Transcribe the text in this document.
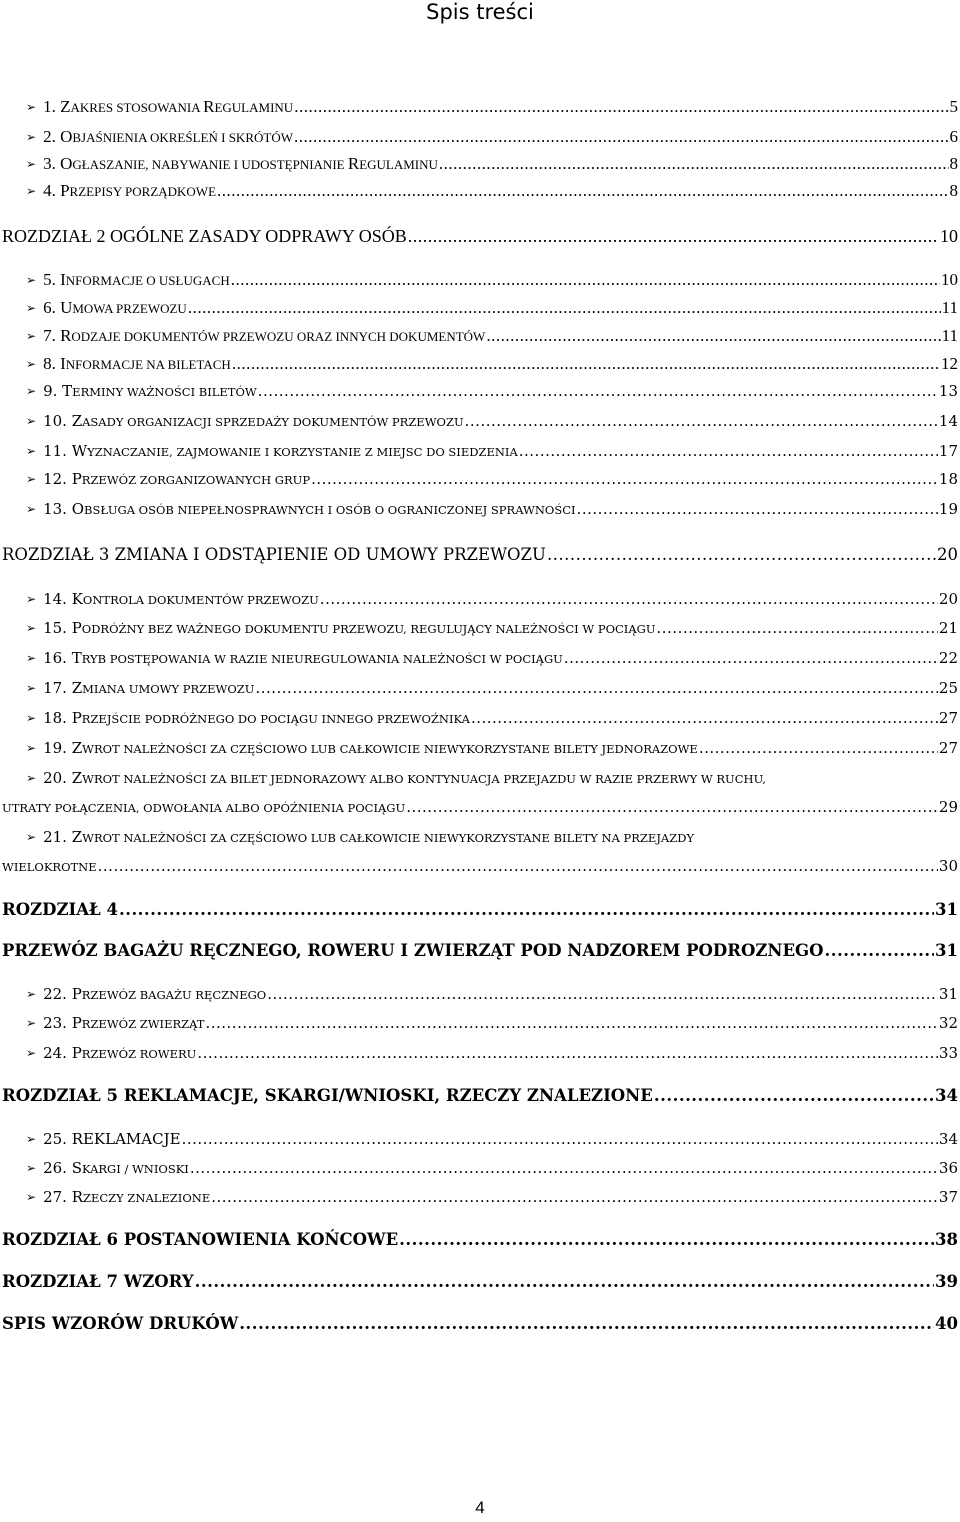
Spis treści
➢ 1. ZAKRES STOSOWANIA REGULAMINU .....	5
➢ 2. OBJAŚNIENIA OKREŚLEŃ I SKRÓTÓW .....	6
➢ 3. OGŁASZANIE, NABYWANIE I UDOSTĘPNIANIE REGULAMINU .....	8
➢ 4. PRZEPISY PORZĄDKOWE .....	8
ROZDZIAŁ 2 OGÓLNE ZASADY ODPRAWY OSÓB .....	10
➢ 5. INFORMACJE O USŁUGACH .....	10
➢ 6. UMOWA PRZEWOZU .....	11
➢ 7. RODZAJE DOKUMENTÓW PRZEWOZU ORAZ INNYCH DOKUMENTÓW .....	11
➢ 8. INFORMACJE NA BILETACH .....	12
➢ 9. TERMINY WAŻNOŚCI BILETÓW .....	13
➢ 10. ZASADY ORGANIZACJI SPRZEDAŻY DOKUMENTÓW PRZEWOZU .....	14
➢ 11. WYZNACZANIE, ZAJMOWANIE I KORZYSTANIE Z MIEJSC DO SIEDZENIA .....	17
➢ 12. PRZEWÓZ ZORGANIZOWANYCH GRUP .....	18
➢ 13. OBSŁUGA OSÓB NIEPEŁNOSPRAWNYCH I OSÓB O OGRANICZONEJ SPRAWNOŚCI .....	19
ROZDZIAŁ 3 ZMIANA I ODSTĄPIENIE OD UMOWY PRZEWOZU .....	20
➢ 14. KONTROLA DOKUMENTÓW PRZEWOZU .....	20
➢ 15. PODRÓŻNY BEZ WAŻNEGO DOKUMENTU PRZEWOZU, REGULUJĄCY NALEŻNOŚCI W POCIĄGU .....	21
➢ 16. TRYB POSTĘPOWANIA W RAZIE NIEUREGULOWANIA NALEŻNOŚCI W POCIĄGU .....	22
➢ 17. ZMIANA UMOWY PRZEWOZU .....	25
➢ 18. PRZEJŚCIE PODRÓŻNEGO DO POCIĄGU INNEGO PRZEWOŹNIKA .....	27
➢ 19. ZWROT NALEŻNOŚCI ZA CZĘŚCIOWO LUB CAŁKOWICIE NIEWYKORZYSTANE BILETY JEDNORAZOWE .....	27
➢ 20. ZWROT NALEŻNOŚCI ZA BILET JEDNORAZOWY ALBO KONTYNUACJA PRZEJAZDU W RAZIE PRZERWY W RUCHU,
UTRATY POŁĄCZENIA, ODWOŁANIA ALBO OPÓŹNIENIA POCIĄGU .....	29
➢ 21. ZWROT NALEŻNOŚCI ZA CZĘŚCIOWO LUB CAŁKOWICIE NIEWYKORZYSTANE BILETY NA PRZEJAZDY
WIELOKROTNE .....	30
ROZDZIAŁ 4 .....	31
PRZEWÓZ BAGAŻU RĘCZNEGO, ROWERU I ZWIERZĄT POD NADZOREM PODROZNEGO .....	31
➢ 22. PRZEWÓZ BAGAŻU RĘCZNEGO .....	31
➢ 23. PRZEWÓZ ZWIERZĄT .....	32
➢ 24. PRZEWÓZ ROWERU .....	33
ROZDZIAŁ 5 REKLAMACJE, SKARGI/WNIOSKI, RZECZY ZNALEZIONE .....	34
➢ 25. REKLAMACJE .....	34
➢ 26. SKARGI / WNIOSKI .....	36
➢ 27. RZECZY ZNALEZIONE .....	37
ROZDZIAŁ 6 POSTANOWIENIA KOŃCOWE .....	38
ROZDZIAŁ 7 WZORY .....	39
SPIS WZORÓW DRUKÓW .....	40
4
